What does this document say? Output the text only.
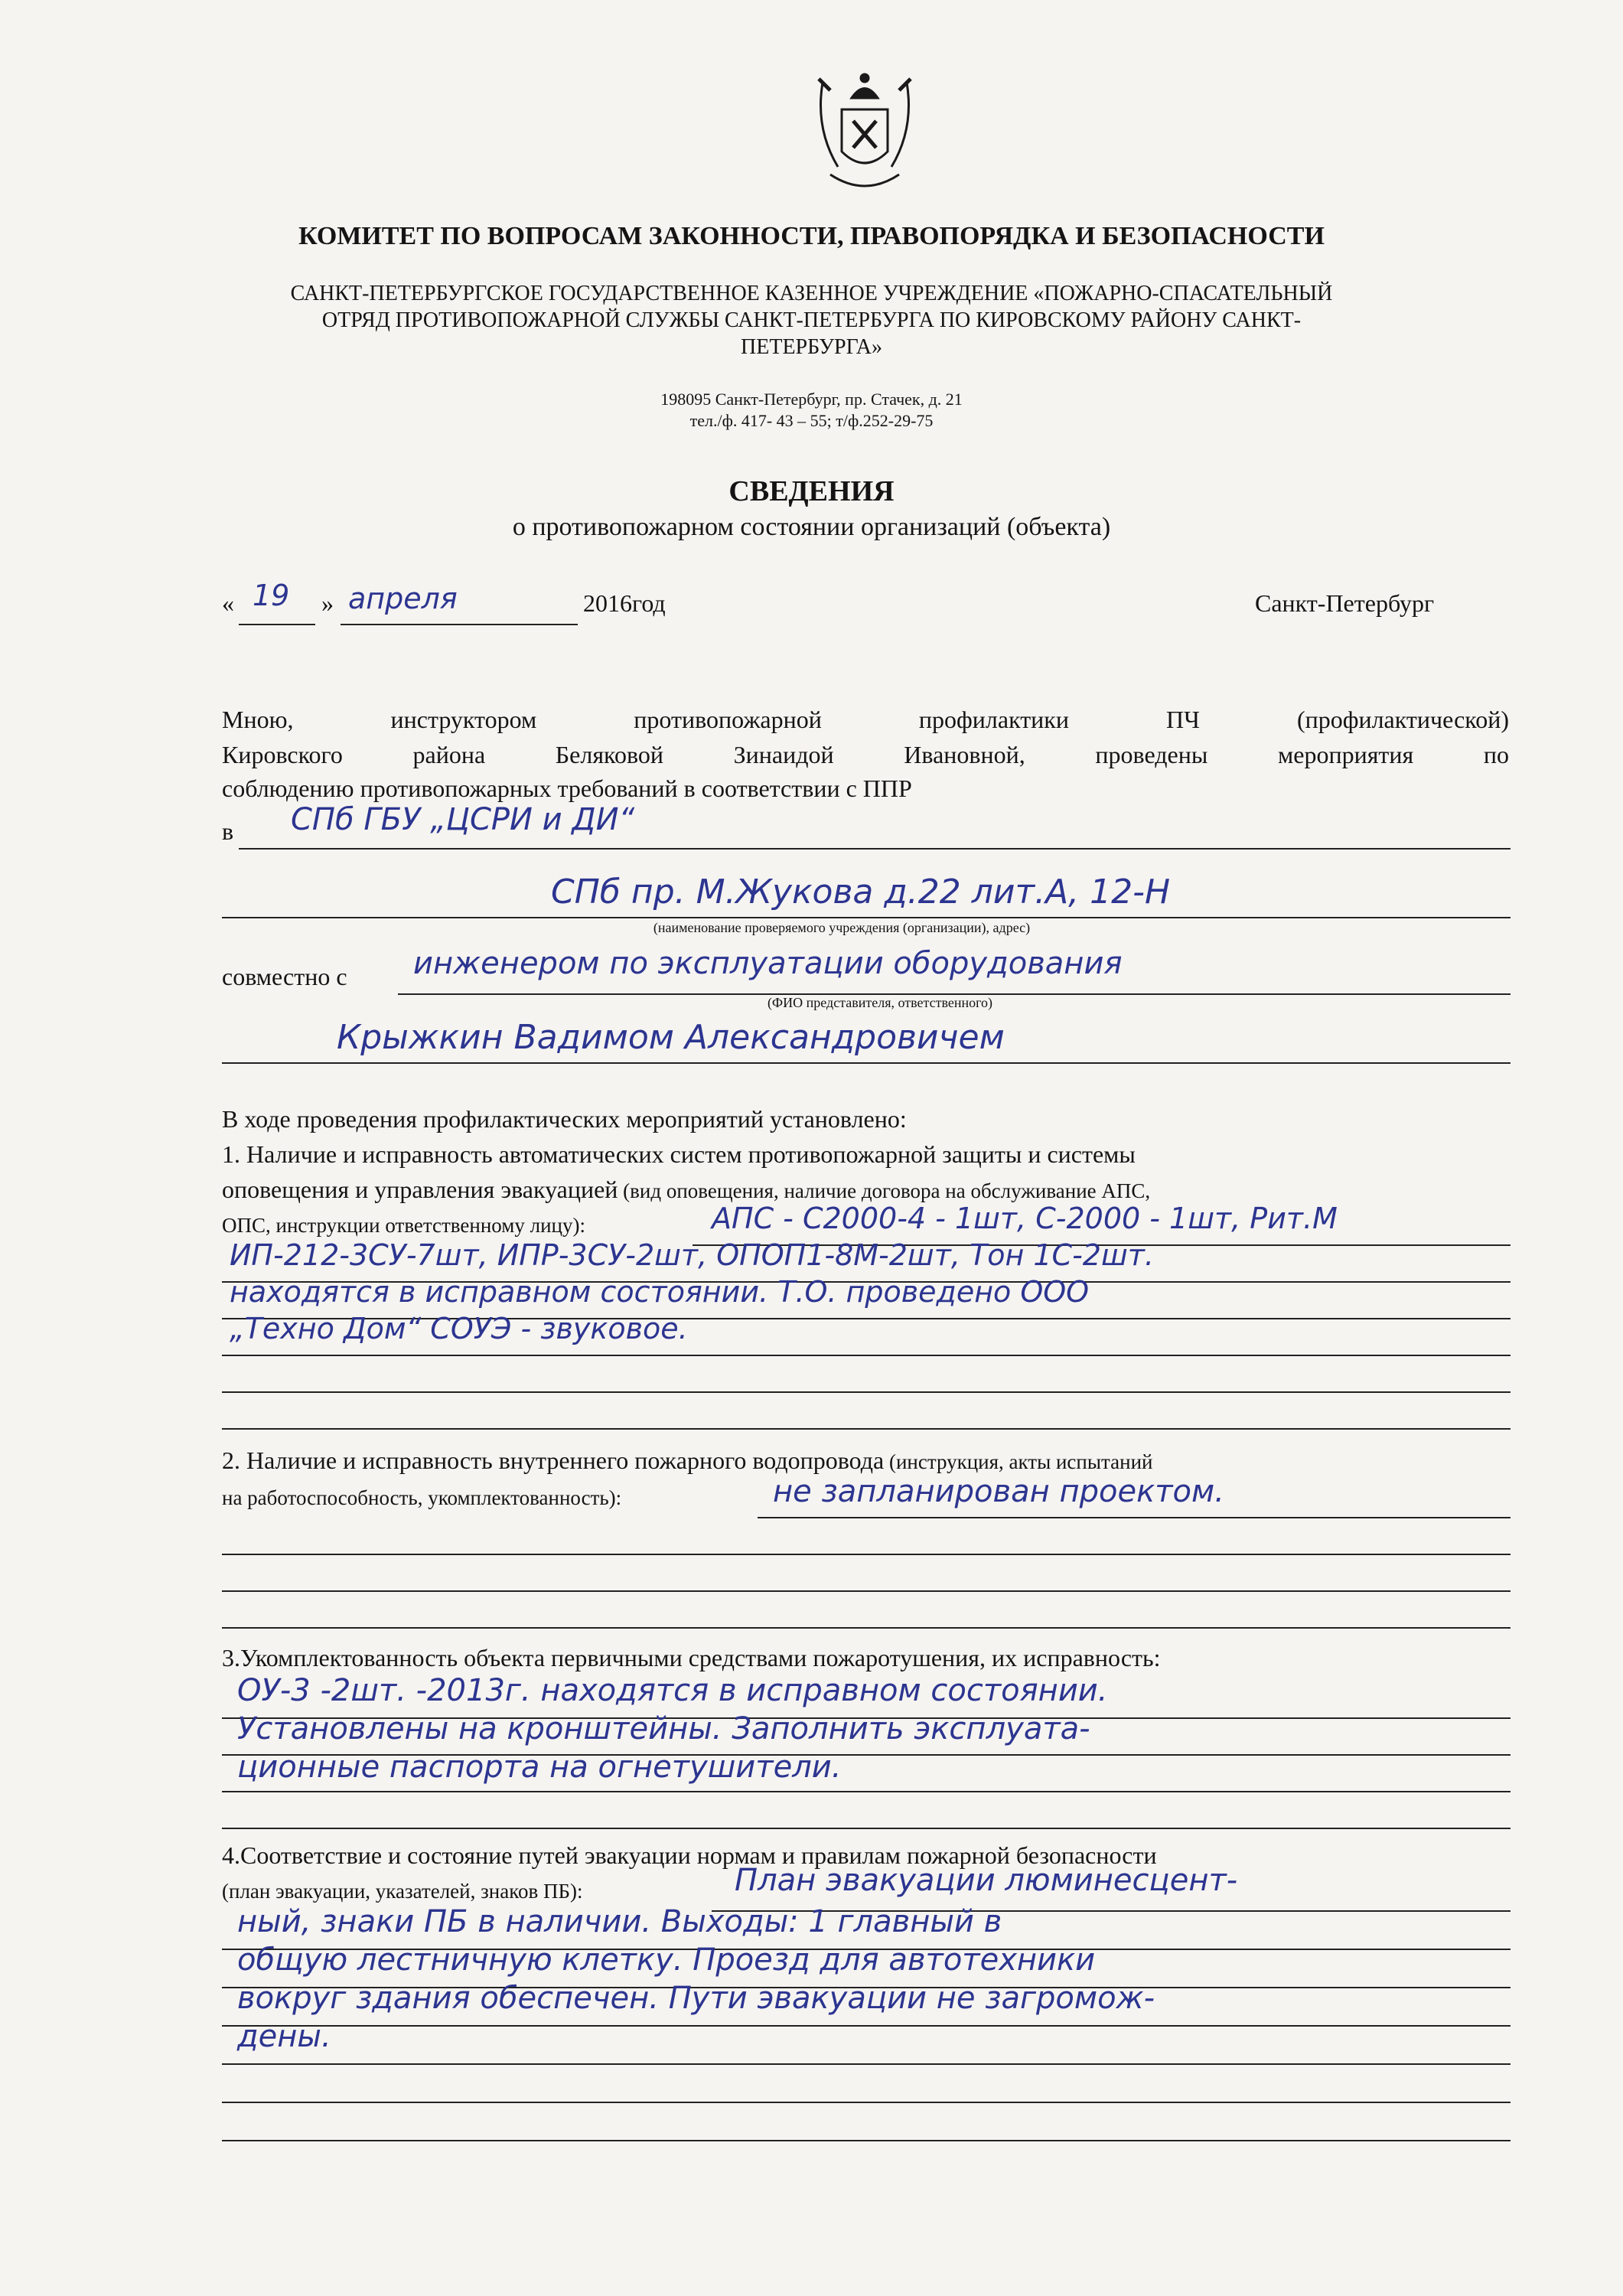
КОМИТЕТ ПО ВОПРОСАМ ЗАКОННОСТИ, ПРАВОПОРЯДКА И БЕЗОПАСНОСТИ
САНКТ-ПЕТЕРБУРГСКОЕ ГОСУДАРСТВЕННОЕ КАЗЕННОЕ УЧРЕЖДЕНИЕ «ПОЖАРНО-СПАСАТЕЛЬНЫЙ
ОТРЯД ПРОТИВОПОЖАРНОЙ СЛУЖБЫ САНКТ-ПЕТЕРБУРГА ПО КИРОВСКОМУ РАЙОНУ САНКТ-
ПЕТЕРБУРГА»
198095 Санкт-Петербург, пр. Стачек, д. 21
тел./ф. 417- 43 – 55; т/ф.252-29-75
СВЕДЕНИЯ
о противопожарном состоянии организаций (объекта)
« 19 » апреля	2016год	Санкт-Петербург
Мною,	инструктором	противопожарной	профилактики	ПЧ	(профилактической)
Кировского	района	Беляковой	Зинаидой	Ивановной,	проведены	мероприятия	по
соблюдению противопожарных требований в соответствии с ППР
в СПб ГБУ „ЦСРИ и ДИ“
СПб пр. М.Жукова д.22 лит.А, 12-Н
(наименование проверяемого учреждения (организации), адрес)
совместно с инженером по эксплуатации оборудования
(ФИО представителя, ответственного)
Крыжкин Вадимом Александровичем
В ходе проведения профилактических мероприятий установлено:
1. Наличие и исправность автоматических систем противопожарной защиты и системы
оповещения и управления эвакуацией (вид оповещения, наличие договора на обслуживание АПС,
ОПС, инструкции ответственному лицу):	АПС - С2000-4 - 1шт, С-2000 - 1шт, Рит.М
ИП-212-3СУ-7шт, ИПР-3СУ-2шт, ОПОП1-8М-2шт, Тон 1С-2шт.
находятся в исправном состоянии. Т.О. проведено ООО
„Техно Дом“ СОУЭ - звуковое.
2. Наличие и исправность внутреннего пожарного водопровода (инструкция, акты испытаний
на работоспособность, укомплектованность):	не запланирован проектом.
3.Укомплектованность объекта первичными средствами пожаротушения, их исправность:
ОУ-3 -2шт. -2013г. находятся в исправном состоянии.
Установлены на кронштейны. Заполнить эксплуата-
ционные паспорта на огнетушители.
4.Соответствие и состояние путей эвакуации нормам и правилам пожарной безопасности
(план эвакуации, указателей, знаков ПБ):	План эвакуации люминесцент-
ный, знаки ПБ в наличии. Выходы: 1 главный в
общую лестничную клетку. Проезд для автотехники
вокруг здания обеспечен. Пути эвакуации не загромож-
дены.
